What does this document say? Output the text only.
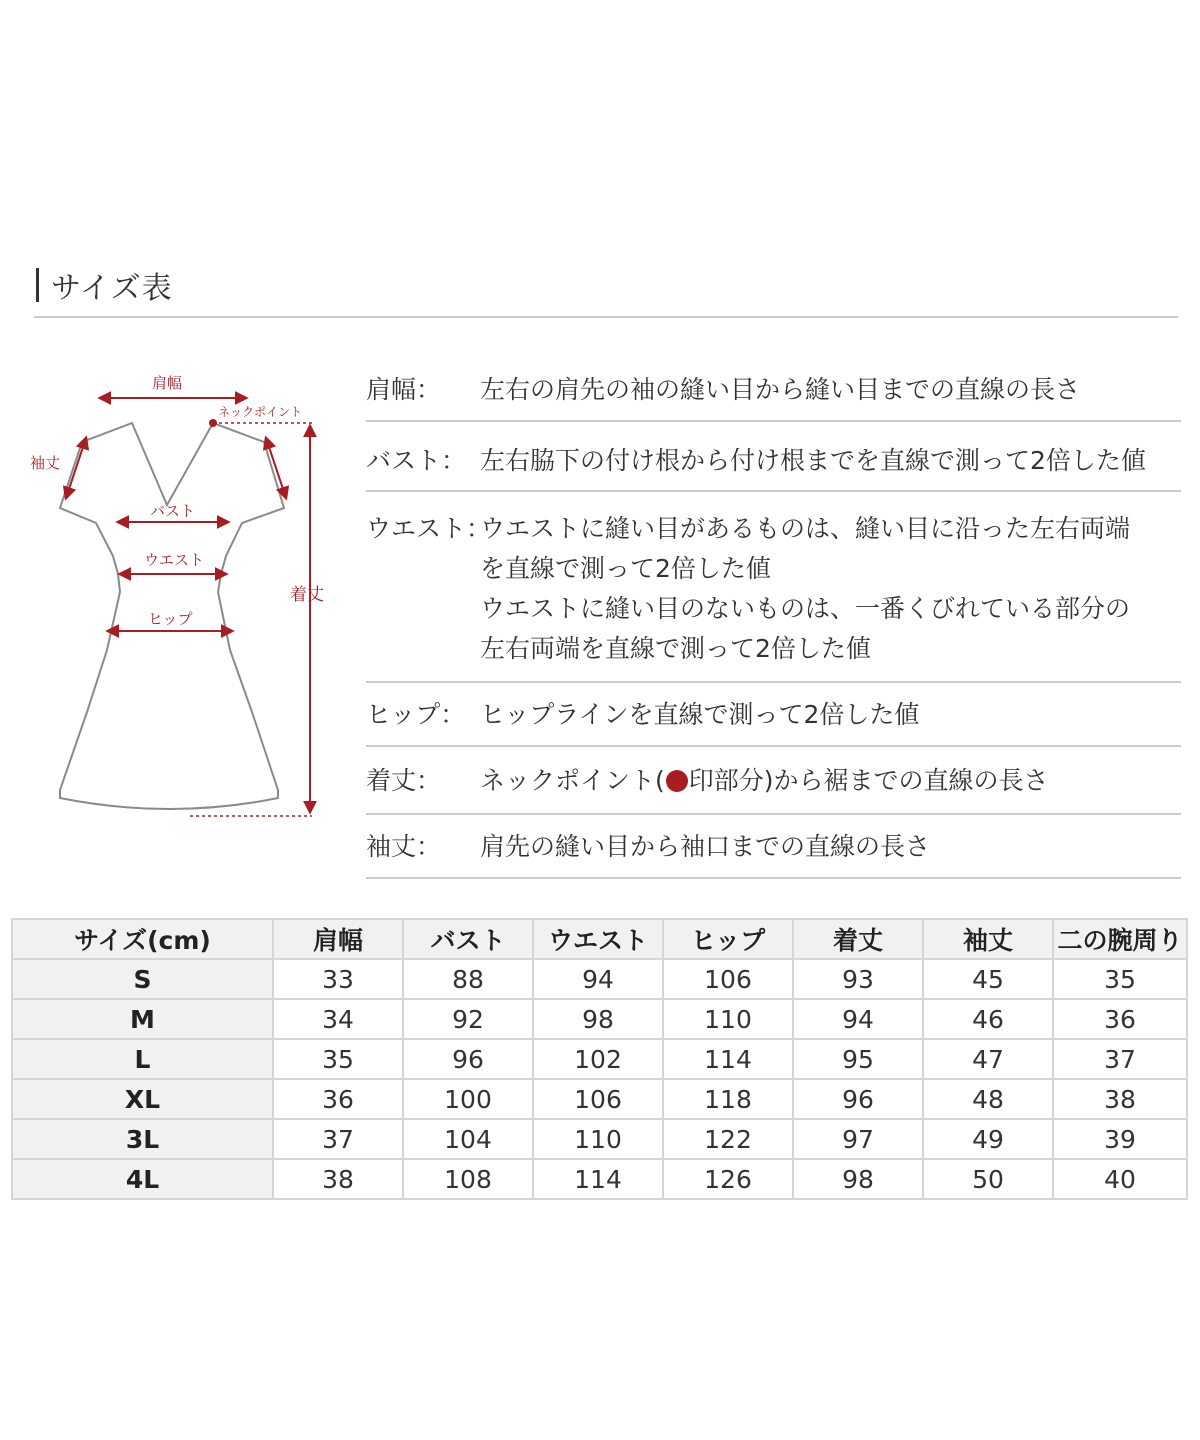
サイズ表
ネックポイント
肩幅
袖丈
バスト
ウエスト
ヒップ
着丈
肩幅：	左右の肩先の袖の縫い目から縫い目までの直線の長さ
バスト： 左右脇下の付け根から付け根までを直線で測って2倍した値
ウエスト：
ウエストに縫い目があるものは、縫い目に沿った左右両端
を直線で測って2倍した値
ウエストに縫い目のないものは、一番くびれている部分の
左右両端を直線で測って2倍した値
ヒップ： ヒップラインを直線で測って2倍した値
着丈：	ネックポイント( 印部分)から裾までの直線の長さ
袖丈：	肩先の縫い目から袖口までの直線の長さ
サイズ(cm)	肩幅	バスト	ウエスト	ヒップ	着丈	袖丈	二の腕周り
S	33	88	94	106	93	45	35
M	34	92	98	110	94	46	36
L	35	96	102	114	95	47	37
XL	36	100	106	118	96	48	38
3L	37	104	110	122	97	49	39
4L	38	108	114	126	98	50	40
